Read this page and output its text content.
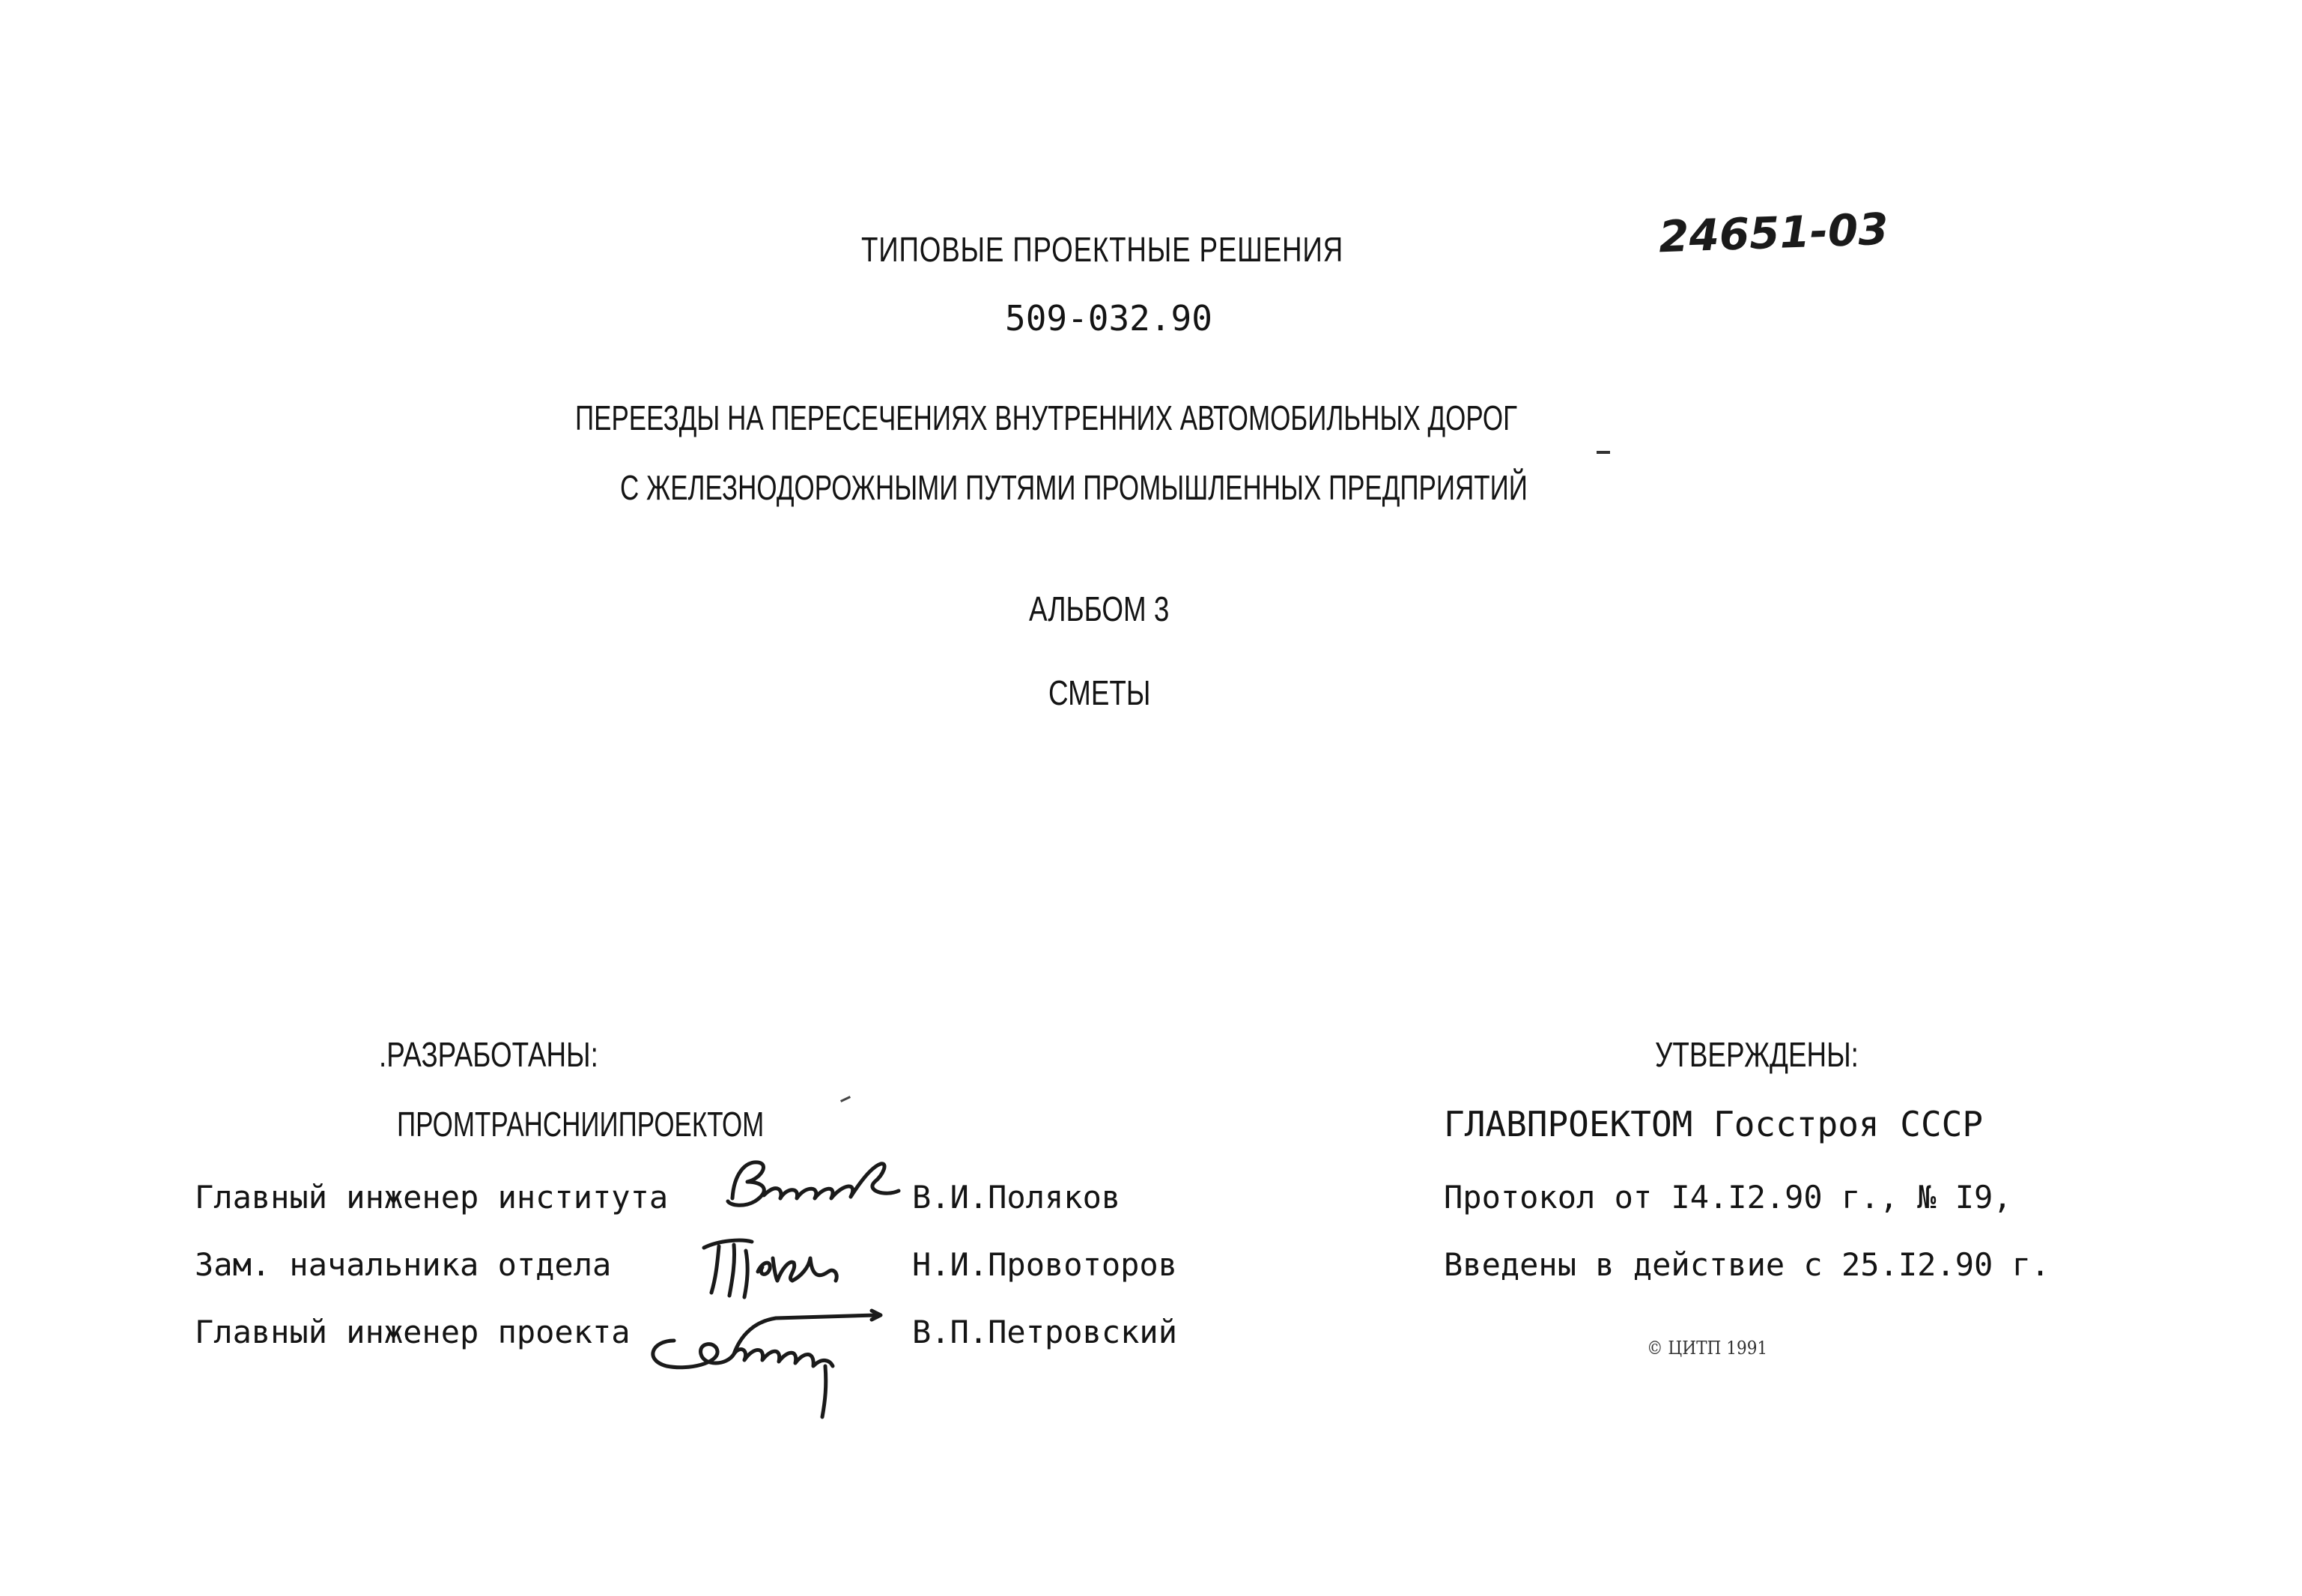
ТИПОВЫЕ ПРОЕКТНЫЕ РЕШЕНИЯ
509-032.90
24651-03
ПЕРЕЕЗДЫ НА ПЕРЕСЕЧЕНИЯХ ВНУТРЕННИХ АВТОМОБИЛЬНЫХ ДОРОГ
С ЖЕЛЕЗНОДОРОЖНЫМИ ПУТЯМИ ПРОМЫШЛЕННЫХ ПРЕДПРИЯТИЙ
АЛЬБОМ 3
СМЕТЫ
.РАЗРАБОТАНЫ:
ПРОМТРАНСНИИПРОЕКТОМ
Главный инженер института	В.И.Поляков
Зам. начальника отдела	Н.И.Провоторов
Главный инженер проекта	В.П.Петровский
УТВЕРЖДЕНЫ:
ГЛАВПРОЕКТОМ Госстроя СССР
Протокол от I4.I2.90 г., № I9,
Введены в действие с 25.I2.90 г.
© ЦИТП 1991
